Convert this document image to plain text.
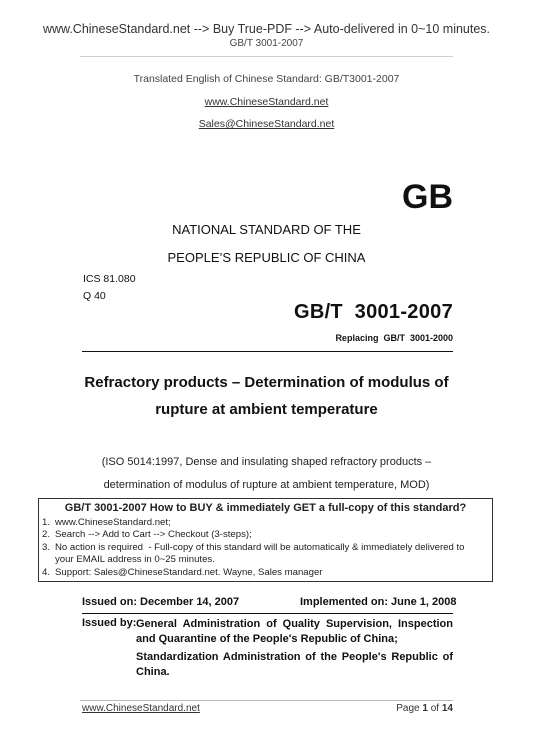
www.ChineseStandard.net --> Buy True-PDF --> Auto-delivered in 0~10 minutes.
GB/T 3001-2007
Translated English of Chinese Standard: GB/T3001-2007
www.ChineseStandard.net
Sales@ChineseStandard.net
GB
NATIONAL STANDARD OF THE
PEOPLE’S REPUBLIC OF CHINA
ICS 81.080
Q 40
GB/T  3001-2007
Replacing  GB/T  3001-2000
Refractory products – Determination of modulus of
rupture at ambient temperature
(ISO 5014:1997, Dense and insulating shaped refractory products –
determination of modulus of rupture at ambient temperature, MOD)
GB/T 3001-2007 How to BUY & immediately GET a full-copy of this standard?
1. www.ChineseStandard.net;
2. Search --> Add to Cart --> Checkout (3-steps);
3. No action is required  - Full-copy of this standard will be automatically & immediately delivered to
your EMAIL address in 0~25 minutes.
4. Support: Sales@ChineseStandard.net. Wayne, Sales manager
Issued on: December 14, 2007	Implemented on: June 1, 2008
Issued by: General Administration of Quality Supervision, Inspection and Quarantine of the People's Republic of China;
Standardization Administration of the People's Republic of China.
www.ChineseStandard.net	Page 1 of 14
